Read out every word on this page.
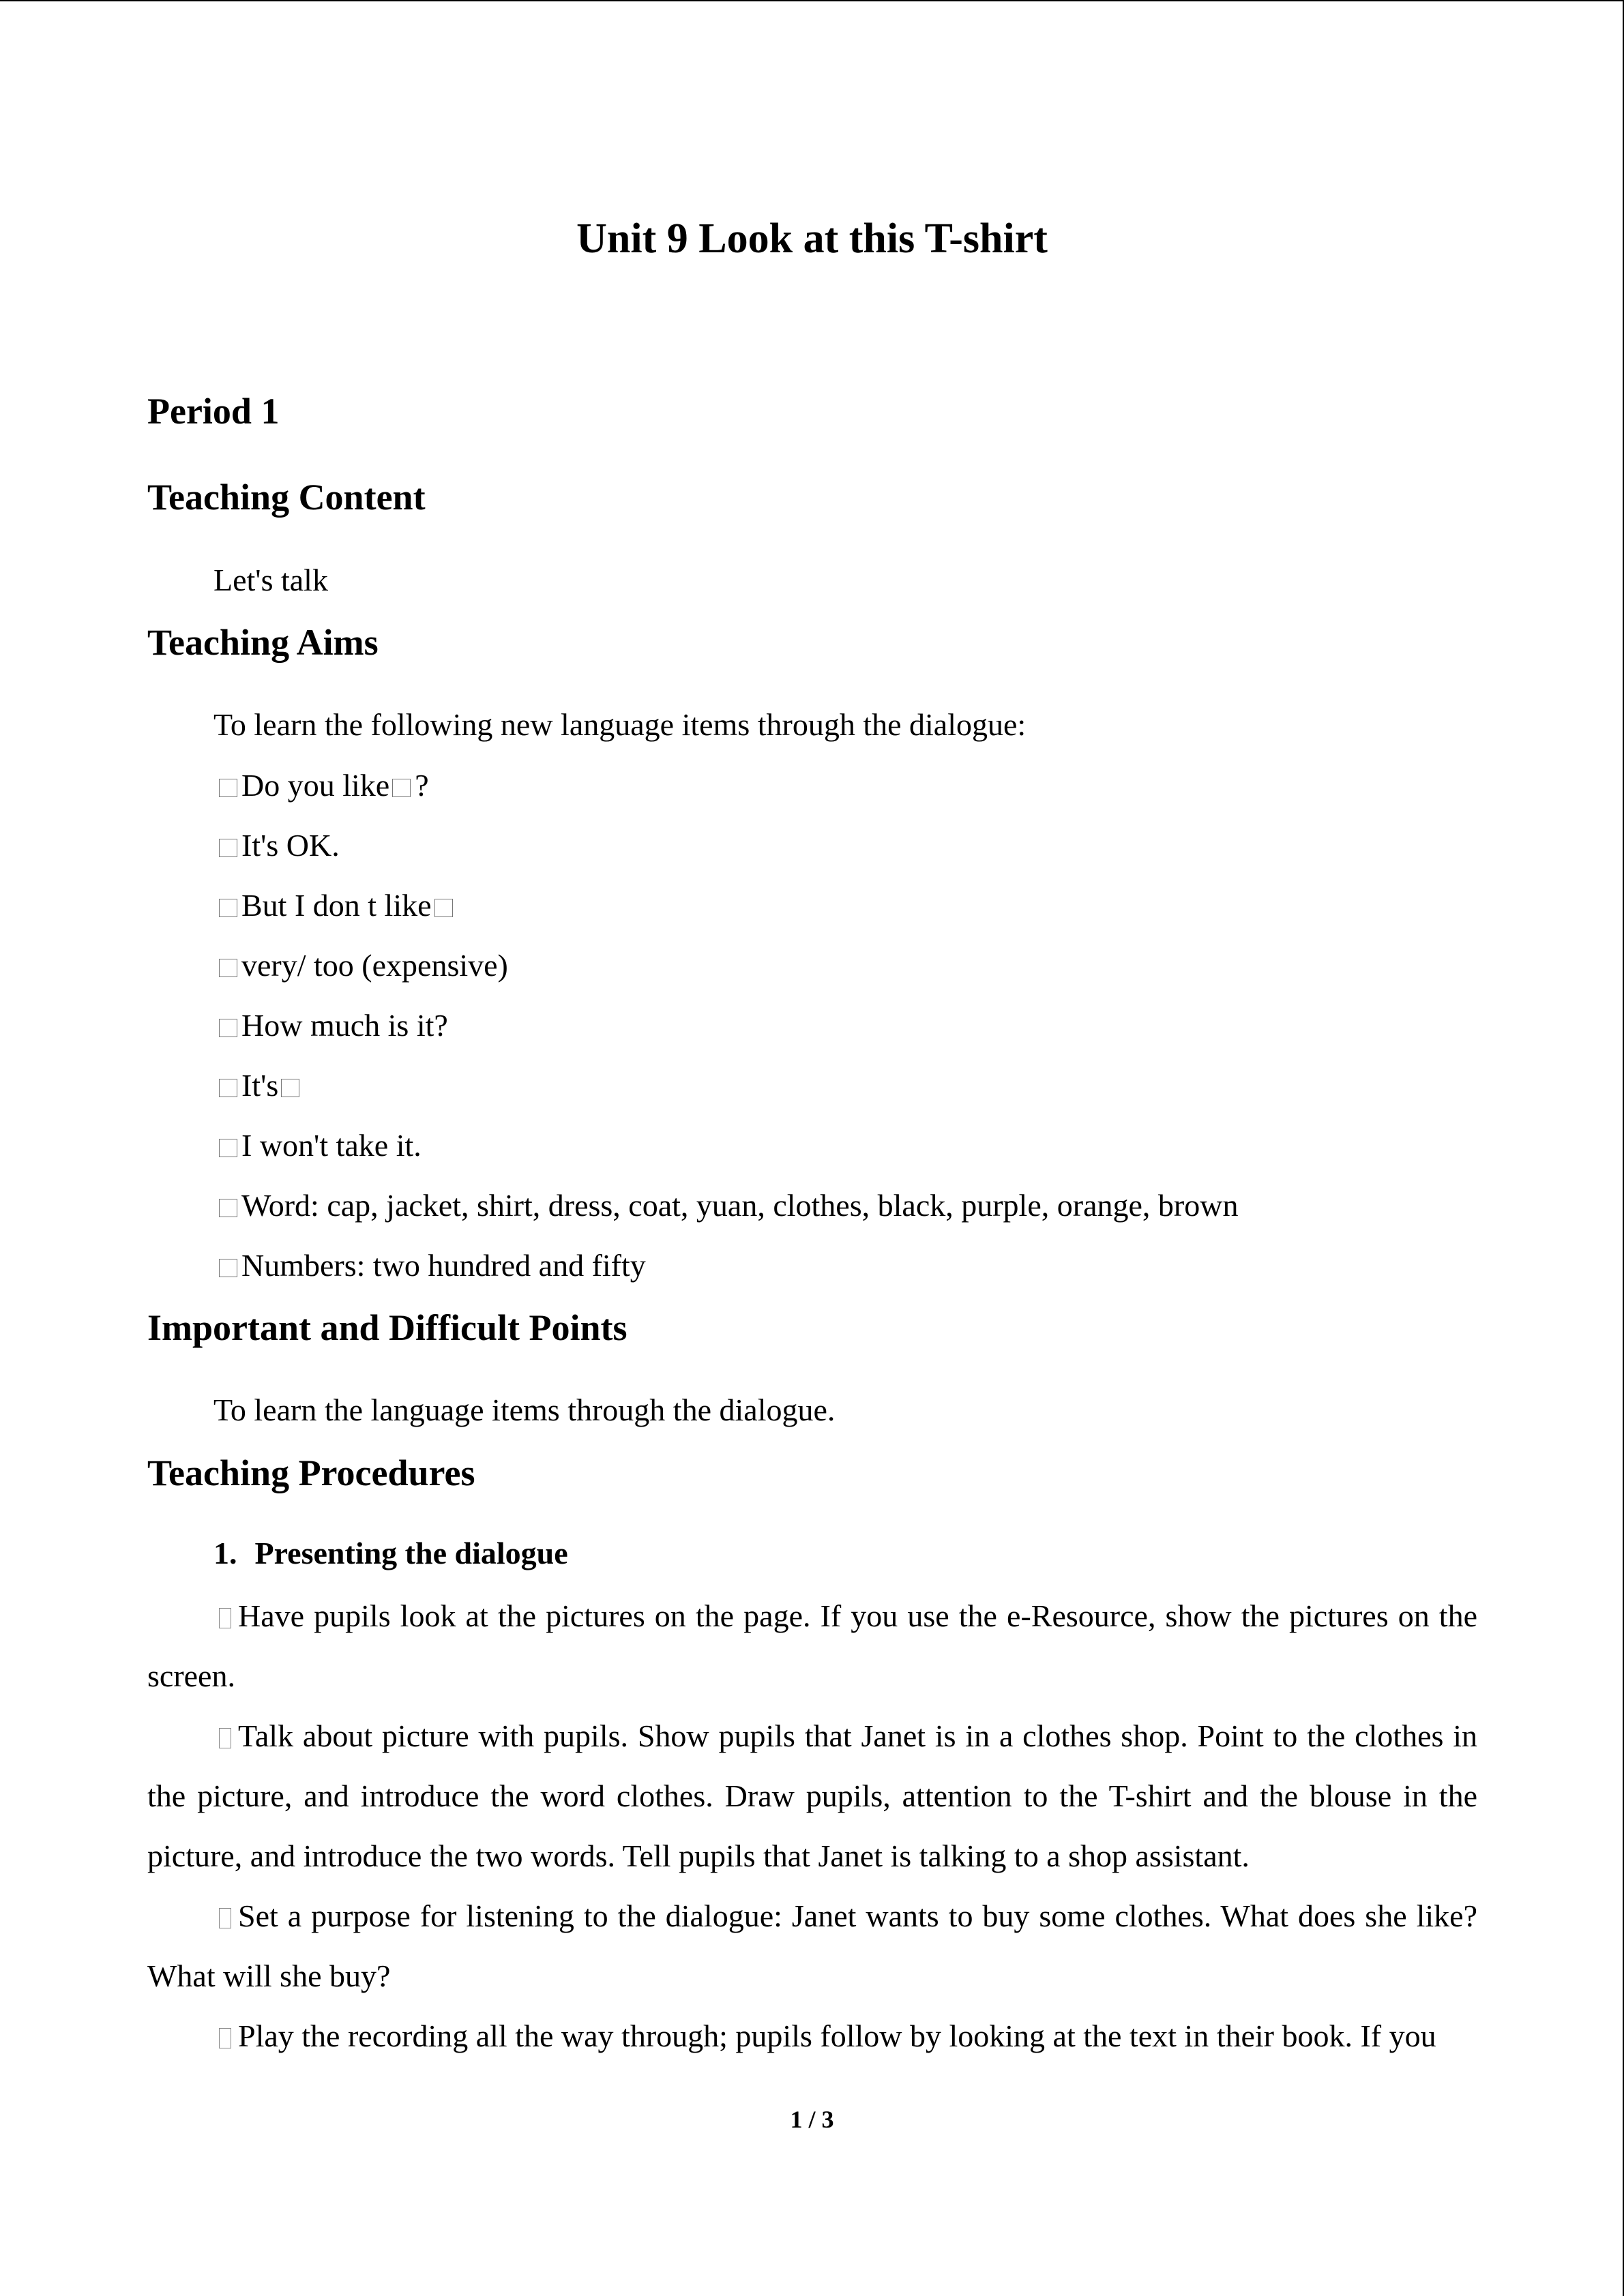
Unit 9 Look at this T-shirt
Period 1
Teaching Content
Let's talk
Teaching Aims
To learn the following new language items through the dialogue:
Do you like ?
It's OK.
But I don t like
very/ too (expensive)
How much is it?
It's
I won't take it.
Word: cap, jacket, shirt, dress, coat, yuan, clothes, black, purple, orange, brown
Numbers: two hundred and fifty
Important and Difficult Points
To learn the language items through the dialogue.
Teaching Procedures
1. Presenting the dialogue
Have pupils look at the pictures on the page. If you use the e-Resource, show the pictures on the screen.
Talk about picture with pupils. Show pupils that Janet is in a clothes shop. Point to the clothes in the picture, and introduce the word clothes. Draw pupils, attention to the T-shirt and the blouse in the picture, and introduce the two words. Tell pupils that Janet is talking to a shop assistant.
Set a purpose for listening to the dialogue: Janet wants to buy some clothes. What does she like? What will she buy?
Play the recording all the way through; pupils follow by looking at the text in their book. If you
1 / 3
